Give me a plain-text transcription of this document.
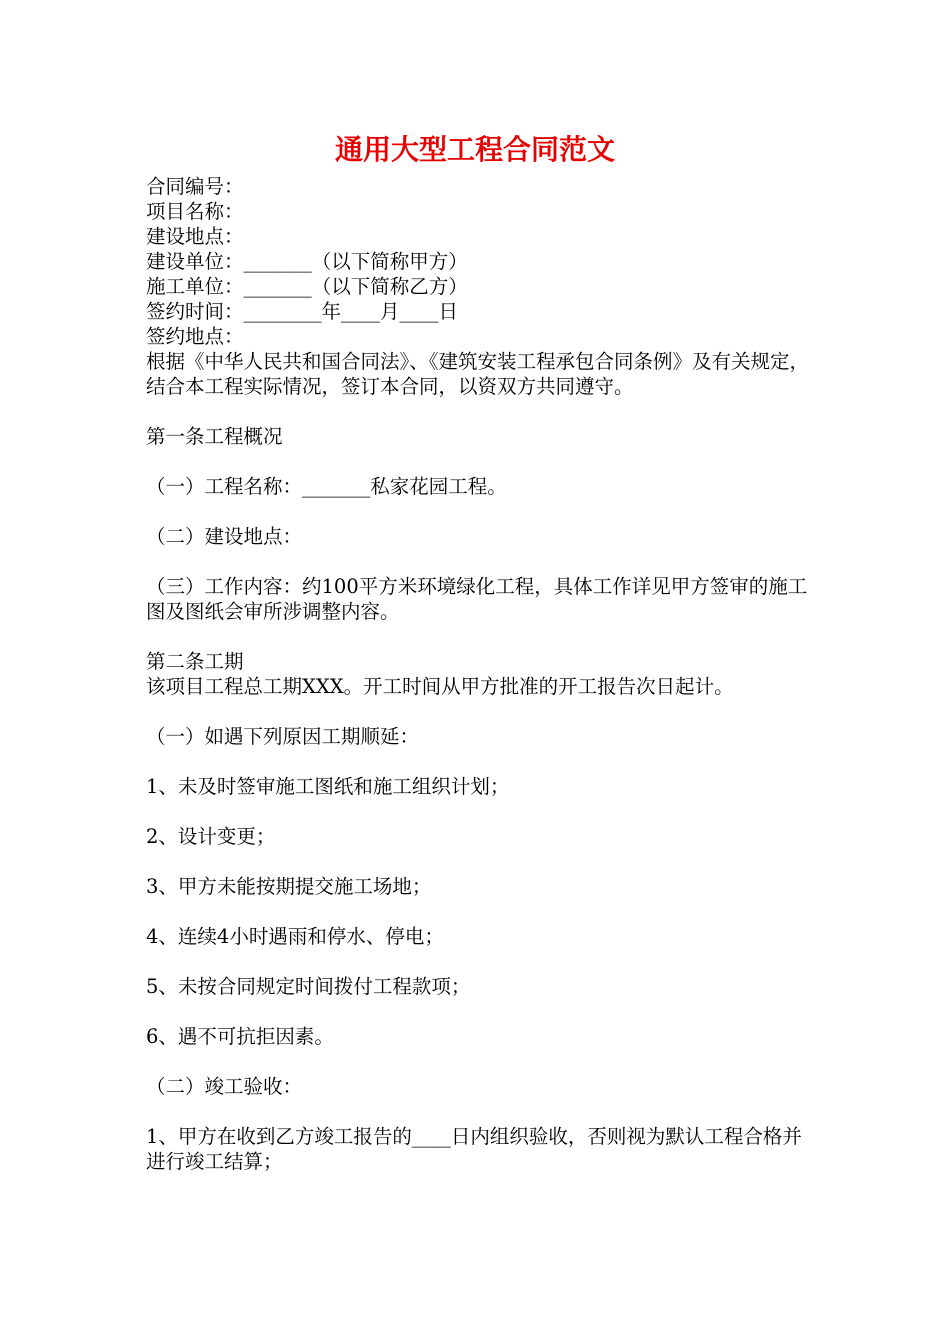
通用大型工程合同范文

合同编号：

项目名称：

建设地点：

建设单位：_______（以下简称甲方）

施工单位：_______（以下简称乙方）

签约时间：________年____月____日

签约地点：

根据《中华人民共和国合同法》、《建筑安装工程承包合同条例》及有关规定，结合本工程实际情况，签订本合同，以资双方共同遵守。

第一条工程概况

（一）工程名称：_______私家花园工程。

（二）建设地点：

（三）工作内容：约100平方米环境绿化工程，具体工作详见甲方签审的施工图及图纸会审所涉调整内容。

第二条工期

该项目工程总工期XXX。开工时间从甲方批准的开工报告次日起计。

（一）如遇下列原因工期顺延：

1、未及时签审施工图纸和施工组织计划；

2、设计变更；

3、甲方未能按期提交施工场地；

4、连续4小时遇雨和停水、停电；

5、未按合同规定时间拨付工程款项；

6、遇不可抗拒因素。

（二）竣工验收：

1、甲方在收到乙方竣工报告的____日内组织验收，否则视为默认工程合格并进行竣工结算；
